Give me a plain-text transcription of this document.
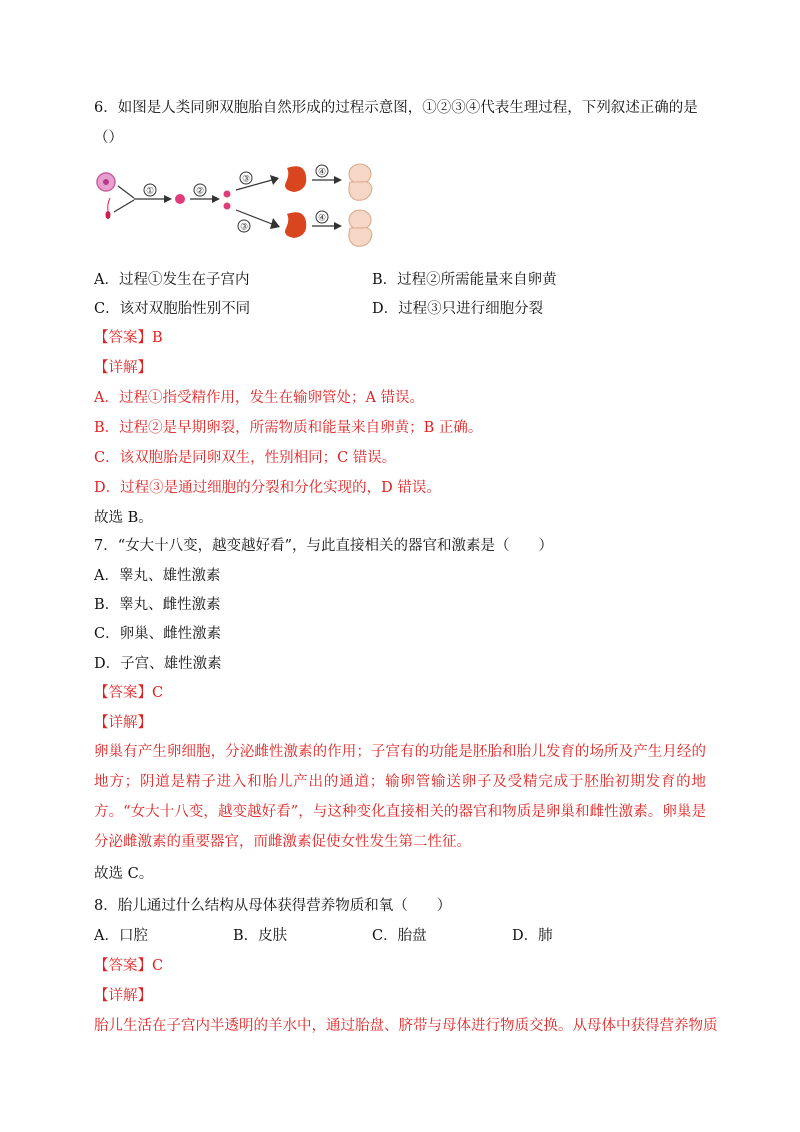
6．如图是人类同卵双胞胎自然形成的过程示意图，①②③④代表生理过程，下列叙述正确的是
（）
①	②
③
③
④
④
A．过程①发生在子宫内	B．过程②所需能量来自卵黄
C．该对双胞胎性别不同	D．过程③只进行细胞分裂
【答案】B
【详解】
A．过程①指受精作用，发生在输卵管处；A 错误。
B．过程②是早期卵裂，所需物质和能量来自卵黄；B 正确。
C．该双胞胎是同卵双生，性别相同；C 错误。
D．过程③是通过细胞的分裂和分化实现的，D 错误。
故选 B。
7．“女大十八变，越变越好看”，与此直接相关的器官和激素是（　　）
A．睾丸、雄性激素
B．睾丸、雌性激素
C．卵巢、雌性激素
D．子宫、雄性激素
【答案】C
【详解】
卵巢有产生卵细胞，分泌雌性激素的作用；子宫有的功能是胚胎和胎儿发育的场所及产生月经的地方；阴道是精子进入和胎儿产出的通道；输卵管输送卵子及受精完成于胚胎初期发育的地方。“女大十八变，越变越好看”，与这种变化直接相关的器官和物质是卵巢和雌性激素。卵巢是分泌雌激素的重要器官，而雌激素促使女性发生第二性征。
故选 C。
8．胎儿通过什么结构从母体获得营养物质和氧（　　）
A．口腔	B．皮肤	C．胎盘	D．肺
【答案】C
【详解】
胎儿生活在子宫内半透明的羊水中，通过胎盘、脐带与母体进行物质交换。从母体中获得营养物质
